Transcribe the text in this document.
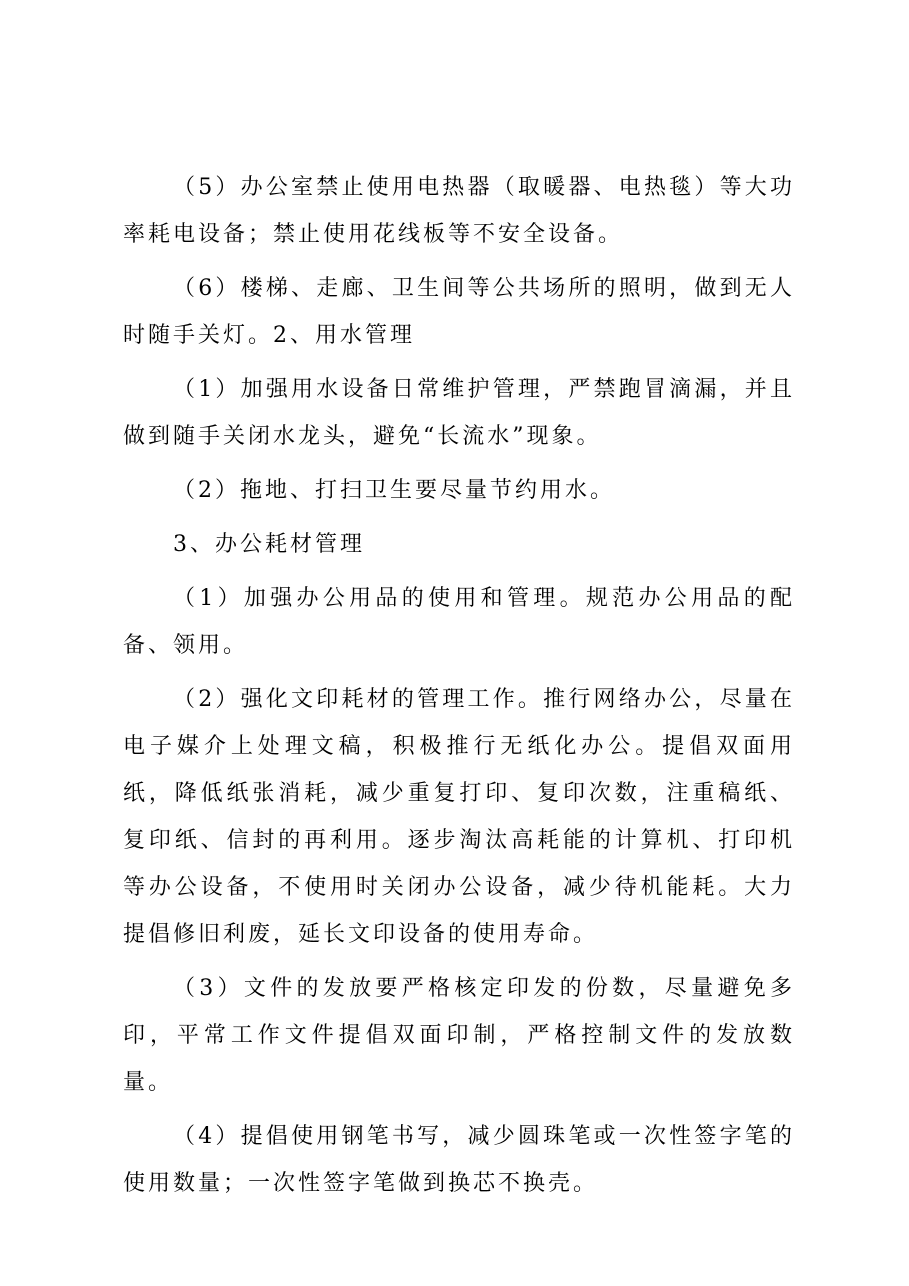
（5）办公室禁止使用电热器（取暖器、电热毯）等大功率耗电设备；禁止使用花线板等不安全设备。

（6）楼梯、走廊、卫生间等公共场所的照明，做到无人时随手关灯。2、用水管理

（1）加强用水设备日常维护管理，严禁跑冒滴漏，并且做到随手关闭水龙头，避免“长流水”现象。

（2）拖地、打扫卫生要尽量节约用水。

3、办公耗材管理

（1）加强办公用品的使用和管理。规范办公用品的配备、领用。

（2）强化文印耗材的管理工作。推行网络办公，尽量在电子媒介上处理文稿，积极推行无纸化办公。提倡双面用纸，降低纸张消耗，减少重复打印、复印次数，注重稿纸、复印纸、信封的再利用。逐步淘汰高耗能的计算机、打印机等办公设备，不使用时关闭办公设备，减少待机能耗。大力提倡修旧利废，延长文印设备的使用寿命。

（3）文件的发放要严格核定印发的份数，尽量避免多印，平常工作文件提倡双面印制，严格控制文件的发放数量。

（4）提倡使用钢笔书写，减少圆珠笔或一次性签字笔的使用数量；一次性签字笔做到换芯不换壳。
